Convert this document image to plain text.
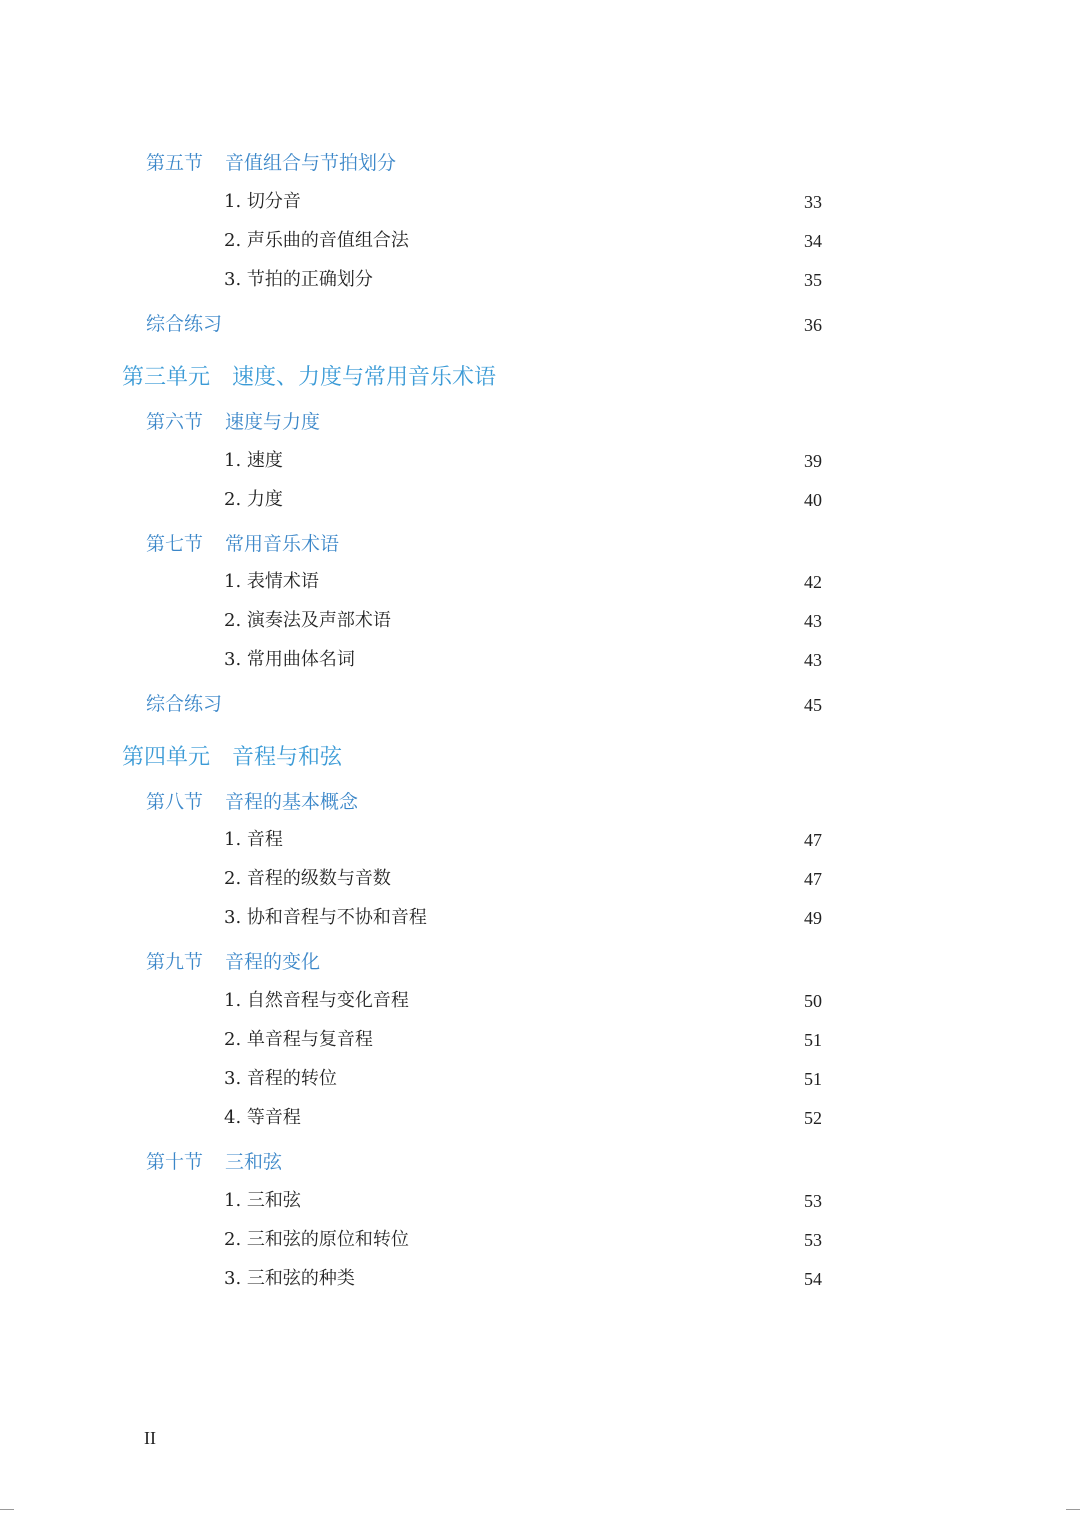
第五节 音值组合与节拍划分
1. 切分音	33
2. 声乐曲的音值组合法	34
3. 节拍的正确划分	35
综合练习	36
第三单元 速度、力度与常用音乐术语
第六节 速度与力度
1. 速度	39
2. 力度	40
第七节 常用音乐术语
1. 表情术语	42
2. 演奏法及声部术语	43
3. 常用曲体名词	43
综合练习	45
第四单元 音程与和弦
第八节 音程的基本概念
1. 音程	47
2. 音程的级数与音数	47
3. 协和音程与不协和音程	49
第九节 音程的变化
1. 自然音程与变化音程	50
2. 单音程与复音程	51
3. 音程的转位	51
4. 等音程	52
第十节 三和弦
1. 三和弦	53
2. 三和弦的原位和转位	53
3. 三和弦的种类	54
II
